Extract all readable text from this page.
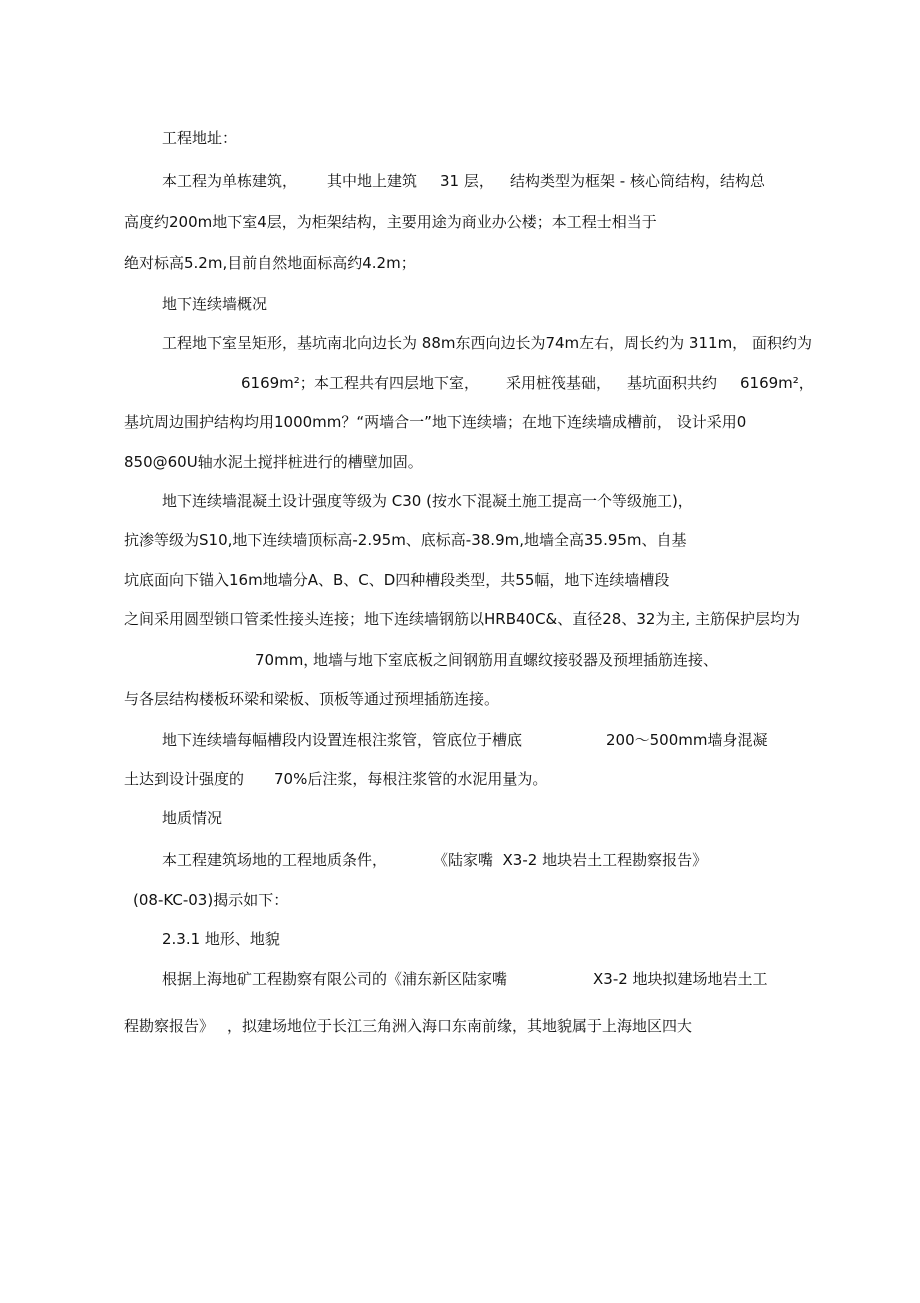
工程地址：

本工程为单栋建筑， 其中地上建筑 31 层， 结构类型为框架 - 核心筒结构，结构总

高度约200m地下室4层，为柜架结构，主要用途为商业办公楼；本工程士相当于

绝对标高5.2m,目前自然地面标高约4.2m；

地下连续墙概况

工程地下室呈矩形，基坑南北向边长为 88m东西向边长为74m左右，周长约为 311m， 面积约为

6169m²； 本工程共有四层地下室， 采用桩筏基础， 基坑面积共约 6169m²，

基坑周边围护结构均用1000mm？“两墙合一”地下连续墙；在地下连续墙成槽前， 设计采用0

850@60U轴水泥土搅拌桩进行的槽壁加固。

地下连续墙混凝土设计强度等级为 C30 (按水下混凝土施工提高一个等级施工)，

抗渗等级为S10,地下连续墙顶标高-2.95m、底标高-38.9m,地墙全高35.95m、自基

坑底面向下锚入16m地墙分A、B、C、D四种槽段类型，共55幅，地下连续墙槽段

之间采用圆型锁口管柔性接头连接；地下连续墙钢筋以HRB40C&、直径28、32为主, 主筋保护层均为

70mm，
地墙与地下室底板之间钢筋用直螺纹接驳器及预埋插筋连接、

与各层结构楼板环梁和梁板、顶板等通过预埋插筋连接。

地下连续墙每幅槽段内设置连根注浆管，管底位于槽底	200～500mm墙身混凝
土达到设计强度的 70%后注浆，每根注浆管的水泥用量为。

地质情况

本工程建筑场地的工程地质条件，	《陆家嘴  X3-2 地块岩土工程勘察报告》

(08-KC-03)揭示如下：

2.3.1 地形、地貌

根据上海地矿工程勘察有限公司的《浦东新区陆家嘴	X3-2 地块拟建场地岩土工
程勘察报告》 ，拟建场地位于长江三角洲入海口东南前缘，其地貌属于上海地区四大
